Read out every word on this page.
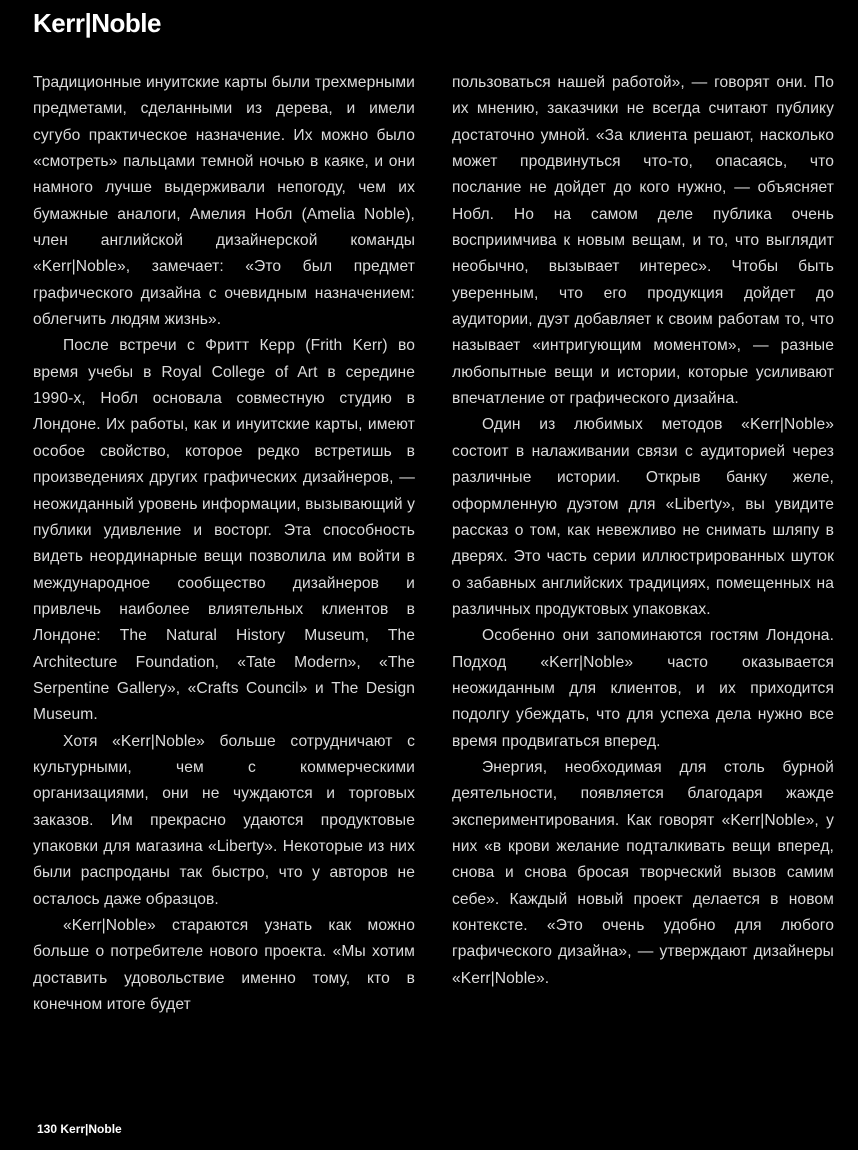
Kerr|Noble

Традиционные инуитские карты были трехмерными предметами, сделанными из дерева, и имели сугубо практическое назначение. Их можно было «смотреть» пальцами темной ночью в каяке, и они намного лучше выдерживали непогоду, чем их бумажные аналоги, Амелия Нобл (Amelia Noble), член английской дизайнерской команды «Kerr|Noble», замечает: «Это был предмет графического дизайна с очевидным назначением: облегчить людям жизнь».

После встречи с Фритт Керр (Frith Kerr) во время учебы в Royal College of Art в середине 1990-х, Нобл основала совместную студию в Лондоне. Их работы, как и инуитские карты, имеют особое свойство, которое редко встретишь в произведениях других графических дизайнеров, — неожиданный уровень информации, вызывающий у публики удивление и восторг. Эта способность видеть неординарные вещи позволила им войти в международное сообщество дизайнеров и привлечь наиболее влиятельных клиентов в Лондоне: The Natural History Museum, The Architecture Foundation, «Tate Modern», «The Serpentine Gallery», «Crafts Council» и The Design Museum.

Хотя «Kerr|Noble» больше сотрудничают с культурными, чем с коммерческими организациями, они не чуждаются и торговых заказов. Им прекрасно удаются продуктовые упаковки для магазина «Liberty». Некоторые из них были распроданы так быстро, что у авторов не осталось даже образцов.

«Kerr|Noble» стараются узнать как можно больше о потребителе нового проекта. «Мы хотим доставить удовольствие именно тому, кто в конечном итоге будет

пользоваться нашей работой», — говорят они. По их мнению, заказчики не всегда считают публику достаточно умной. «За клиента решают, насколько может продвинуться что-то, опасаясь, что послание не дойдет до кого нужно, — объясняет Нобл. Но на самом деле публика очень восприимчива к новым вещам, и то, что выглядит необычно, вызывает интерес». Чтобы быть уверенным, что его продукция дойдет до аудитории, дуэт добавляет к своим работам то, что называет «интригующим моментом», — разные любопытные вещи и истории, которые усиливают впечатление от графического дизайна.

Один из любимых методов «Kerr|Noble» состоит в налаживании связи с аудиторией через различные истории. Открыв банку желе, оформленную дуэтом для «Liberty», вы увидите рассказ о том, как невежливо не снимать шляпу в дверях. Это часть серии иллюстрированных шуток о забавных английских традициях, помещенных на различных продуктовых упаковках.

Особенно они запоминаются гостям Лондона. Подход «Kerr|Noble» часто оказывается неожиданным для клиентов, и их приходится подолгу убеждать, что для успеха дела нужно все время продвигаться вперед.

Энергия, необходимая для столь бурной деятельности, появляется благодаря жажде экспериментирования. Как говорят «Kerr|Noble», у них «в крови желание подталкивать вещи вперед, снова и снова бросая творческий вызов самим себе». Каждый новый проект делается в новом контексте. «Это очень удобно для любого графического дизайна», — утверждают дизайнеры «Kerr|Noble».

130 Kerr|Noble
